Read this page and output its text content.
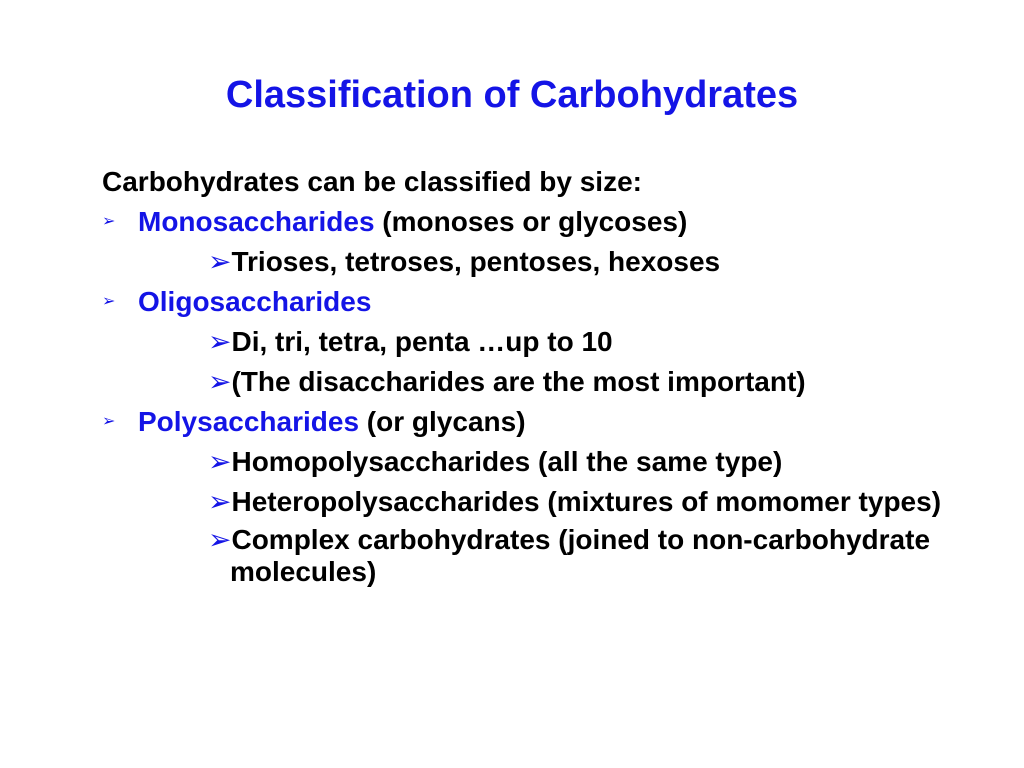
Classification of Carbohydrates
Carbohydrates can be classified by size:
➢ Monosaccharides (monoses or glycoses)
➢Trioses, tetroses, pentoses, hexoses
➢ Oligosaccharides
➢Di, tri, tetra, penta …up to 10
➢(The disaccharides are the most important)
➢ Polysaccharides (or glycans)
➢Homopolysaccharides (all the same type)
➢Heteropolysaccharides (mixtures of momomer types)
➢Complex carbohydrates (joined to non-carbohydrate molecules)
